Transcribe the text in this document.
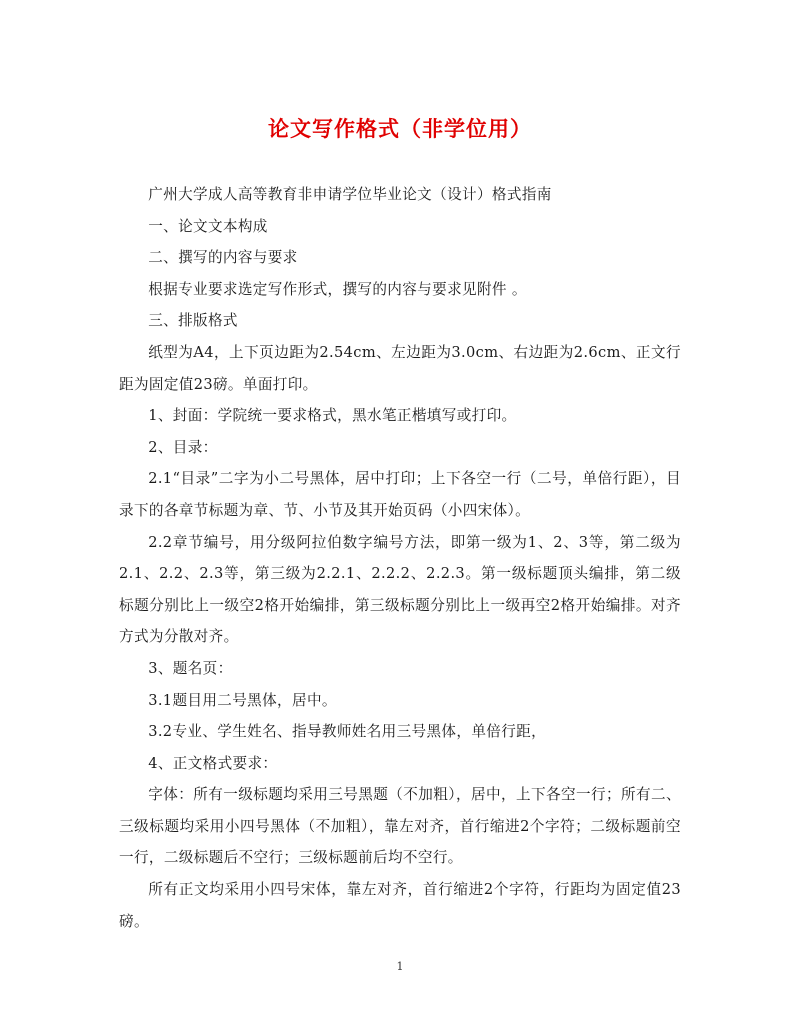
论文写作格式（非学位用）

广州大学成人高等教育非申请学位毕业论文（设计）格式指南

一、论文文本构成

二、撰写的内容与要求

根据专业要求选定写作形式，撰写的内容与要求见附件 。

三、排版格式

纸型为A4，上下页边距为2.54cm、左边距为3.0cm、右边距为2.6cm、正文行距为固定值23磅。单面打印。

1、封面：学院统一要求格式，黑水笔正楷填写或打印。

2、目录：

2.1“目录”二字为小二号黑体，居中打印；上下各空一行（二号，单倍行距），目录下的各章节标题为章、节、小节及其开始页码（小四宋体）。

2.2章节编号，用分级阿拉伯数字编号方法，即第一级为1、2、3等，第二级为2.1、2.2、2.3等，第三级为2.2.1、2.2.2、2.2.3。第一级标题顶头编排，第二级标题分别比上一级空2格开始编排，第三级标题分别比上一级再空2格开始编排。对齐方式为分散对齐。

3、题名页：

3.1题目用二号黑体，居中。

3.2专业、学生姓名、指导教师姓名用三号黑体，单倍行距，

4、正文格式要求：

字体：所有一级标题均采用三号黑题（不加粗），居中，上下各空一行；所有二、三级标题均采用小四号黑体（不加粗），靠左对齐，首行缩进2个字符；二级标题前空一行，二级标题后不空行；三级标题前后均不空行。

所有正文均采用小四号宋体，靠左对齐，首行缩进2个字符，行距均为固定值23磅。

1
